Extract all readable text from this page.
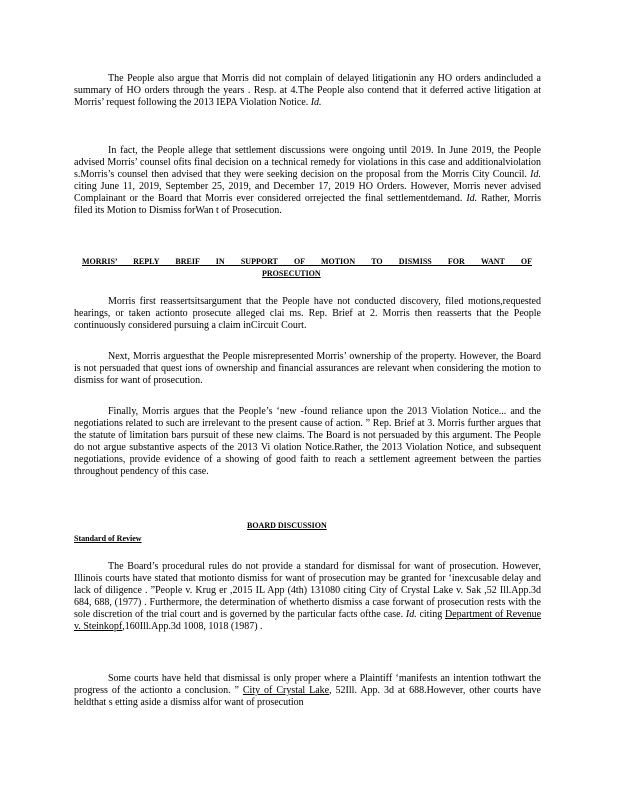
The People also argue that Morris did not complain of delayed litigationin any HO orders andincluded a summary of HO orders through the years . Resp. at 4.The People also contend that it deferred active litigation at Morris’ request following the 2013 IEPA Violation Notice. Id.
In fact, the People allege that settlement discussions were ongoing until 2019. In June 2019, the People advised Morris’ counsel ofits final decision on a technical remedy for violations in this case and additionalviolation s.Morris’s counsel then advised that they were seeking decision on the proposal from the Morris City Council. Id. citing June 11, 2019, September 25, 2019, and December 17, 2019 HO Orders. However, Morris never advised Complainant or the Board that Morris ever considered orrejected the final settlementdemand. Id. Rather, Morris filed its Motion to Dismiss forWan t of Prosecution.
MORRIS’ REPLY BREIF IN SUPPORT OF MOTION TO DISMISS FOR WANT OF
PROSECUTION
Morris first reassertsitsargument that the People have not conducted discovery, filed motions,requested hearings, or taken actionto prosecute alleged clai ms. Rep. Brief at 2. Morris then reasserts that the People continuously considered pursuing a claim inCircuit Court.
Next, Morris arguesthat the People misrepresented Morris’ ownership of the property. However, the Board is not persuaded that quest ions of ownership and financial assurances are relevant when considering the motion to dismiss for want of prosecution.
Finally, Morris argues that the People’s ‘new -found reliance upon the 2013 Violation Notice... and the negotiations related to such are irrelevant to the present cause of action. ” Rep. Brief at 3. Morris further argues that the statute of limitation bars pursuit of these new claims. The Board is not persuaded by this argument. The People do not argue substantive aspects of the 2013 Vi olation Notice.Rather, the 2013 Violation Notice, and subsequent negotiations, provide evidence of a showing of good faith to reach a settlement agreement between the parties throughout pendency of this case.
BOARD DISCUSSION
Standard of Review
The Board’s procedural rules do not provide a standard for dismissal for want of prosecution. However, Illinois courts have stated that motionto dismiss for want of prosecution may be granted for ‘inexcusable delay and lack of diligence . ”People v. Krug er ,2015 IL App (4th) 131080 citing City of Crystal Lake v. Sak ,52 Ill.App.3d 684, 688, (1977) . Furthermore, the determination of whetherto dismiss a case forwant of prosecution rests with the sole discretion of the trial court and is governed by the particular facts ofthe case. Id. citing Department of Revenue v. Steinkopf,160Ill.App.3d 1008, 1018 (1987) .
Some courts have held that dismissal is only proper where a Plaintiff ‘manifests an intention tothwart the progress of the actionto a conclusion. ” City of Crystal Lake, 52Ill. App. 3d at 688.However, other courts have heldthat s etting aside a dismiss alfor want of prosecution
